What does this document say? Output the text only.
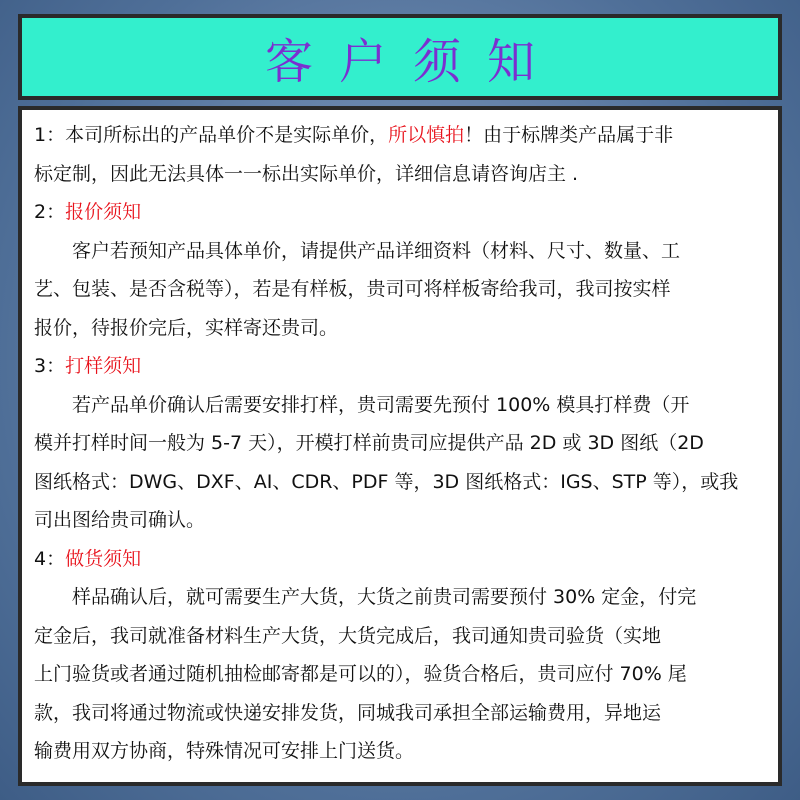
客户须知
1：本司所标出的产品单价不是实际单价，所以慎拍！由于标牌类产品属于非
标定制，因此无法具体一一标出实际单价，详细信息请咨询店主 .
2：报价须知
客户若预知产品具体单价，请提供产品详细资料（材料、尺寸、数量、工
艺、包装、是否含税等），若是有样板，贵司可将样板寄给我司，我司按实样
报价，待报价完后，实样寄还贵司。
3：打样须知
若产品单价确认后需要安排打样，贵司需要先预付 100% 模具打样费（开
模并打样时间一般为 5-7 天），开模打样前贵司应提供产品 2D 或 3D 图纸（2D
图纸格式：DWG、DXF、AI、CDR、PDF 等，3D 图纸格式：IGS、STP 等），或我
司出图给贵司确认。
4：做货须知
样品确认后，就可需要生产大货，大货之前贵司需要预付 30% 定金，付完
定金后，我司就准备材料生产大货，大货完成后，我司通知贵司验货（实地
上门验货或者通过随机抽检邮寄都是可以的），验货合格后，贵司应付 70% 尾
款，我司将通过物流或快递安排发货，同城我司承担全部运输费用，异地运
输费用双方协商，特殊情况可安排上门送货。
